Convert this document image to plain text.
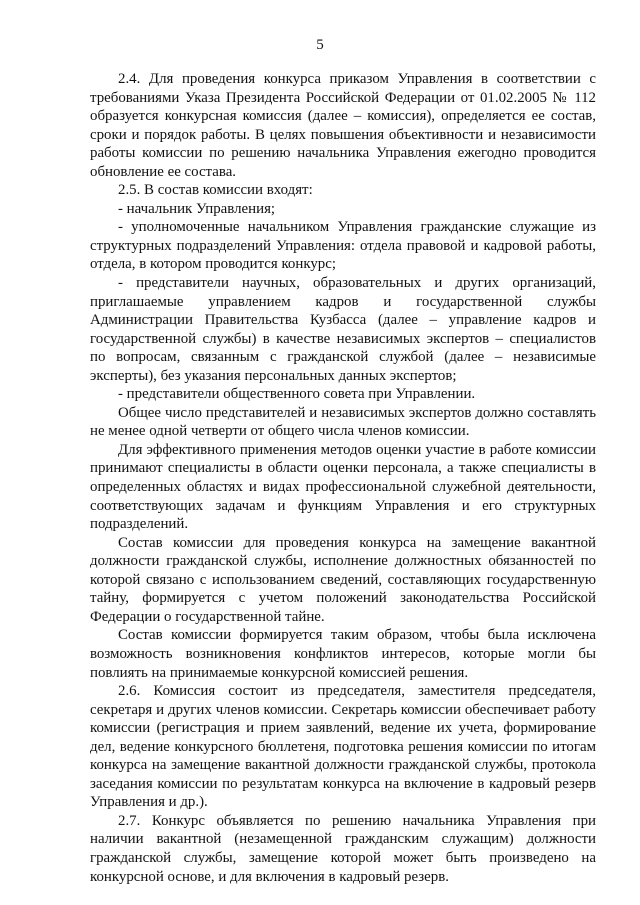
5

2.4. Для проведения конкурса приказом Управления в соответствии с требованиями Указа Президента Российской Федерации от 01.02.2005 № 112 образуется конкурсная комиссия (далее – комиссия), определяется ее состав, сроки и порядок работы. В целях повышения объективности и независимости работы комиссии по решению начальника Управления ежегодно проводится обновление ее состава.

2.5. В состав комиссии входят:

- начальник Управления;

- уполномоченные начальником Управления гражданские служащие из структурных подразделений Управления: отдела правовой и кадровой работы, отдела, в котором проводится конкурс;

- представители научных, образовательных и других организаций, приглашаемые управлением кадров и государственной службы Администрации Правительства Кузбасса (далее – управление кадров и государственной службы) в качестве независимых экспертов – специалистов по вопросам, связанным с гражданской службой (далее – независимые эксперты), без указания персональных данных экспертов;

- представители общественного совета при Управлении.

Общее число представителей и независимых экспертов должно составлять не менее одной четверти от общего числа членов комиссии.

Для эффективного применения методов оценки участие в работе комиссии принимают специалисты в области оценки персонала, а также специалисты в определенных областях и видах профессиональной служебной деятельности, соответствующих задачам и функциям Управления и его структурных подразделений.

Состав комиссии для проведения конкурса на замещение вакантной должности гражданской службы, исполнение должностных обязанностей по которой связано с использованием сведений, составляющих государственную тайну, формируется с учетом положений законодательства Российской Федерации о государственной тайне.

Состав комиссии формируется таким образом, чтобы была исключена возможность возникновения конфликтов интересов, которые могли бы повлиять на принимаемые конкурсной комиссией решения.

2.6. Комиссия состоит из председателя, заместителя председателя, секретаря и других членов комиссии. Секретарь комиссии обеспечивает работу комиссии (регистрация и прием заявлений, ведение их учета, формирование дел, ведение конкурсного бюллетеня, подготовка решения комиссии по итогам конкурса на замещение вакантной должности гражданской службы, протокола заседания комиссии по результатам конкурса на включение в кадровый резерв Управления и др.).

2.7. Конкурс объявляется по решению начальника Управления при наличии вакантной (незамещенной гражданским служащим) должности гражданской службы, замещение которой может быть произведено на конкурсной основе, и для включения в кадровый резерв.
